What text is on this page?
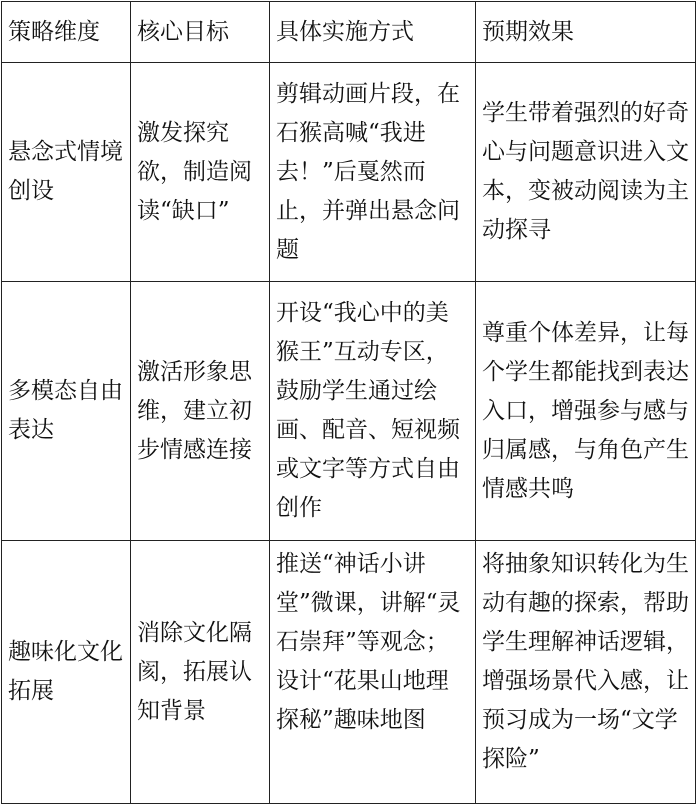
策略维度	核心目标	具体实施方式	预期效果
悬念式情境创设	激发探究欲，制造阅读“缺口”	剪辑动画片段，在石猴高喊“我进去！”后戛然而止，并弹出悬念问题	学生带着强烈的好奇心与问题意识进入文本，变被动阅读为主动探寻
多模态自由表达	激活形象思维，建立初步情感连接	开设“我心中的美猴王”互动专区，鼓励学生通过绘画、配音、短视频或文字等方式自由创作	尊重个体差异，让每个学生都能找到表达入口，增强参与感与归属感，与角色产生情感共鸣
趣味化文化拓展	消除文化隔阂，拓展认知背景	推送“神话小讲堂”微课，讲解“灵石崇拜”等观念；设计“花果山地理探秘”趣味地图	将抽象知识转化为生动有趣的探索，帮助学生理解神话逻辑，增强场景代入感，让预习成为一场“文学探险”
